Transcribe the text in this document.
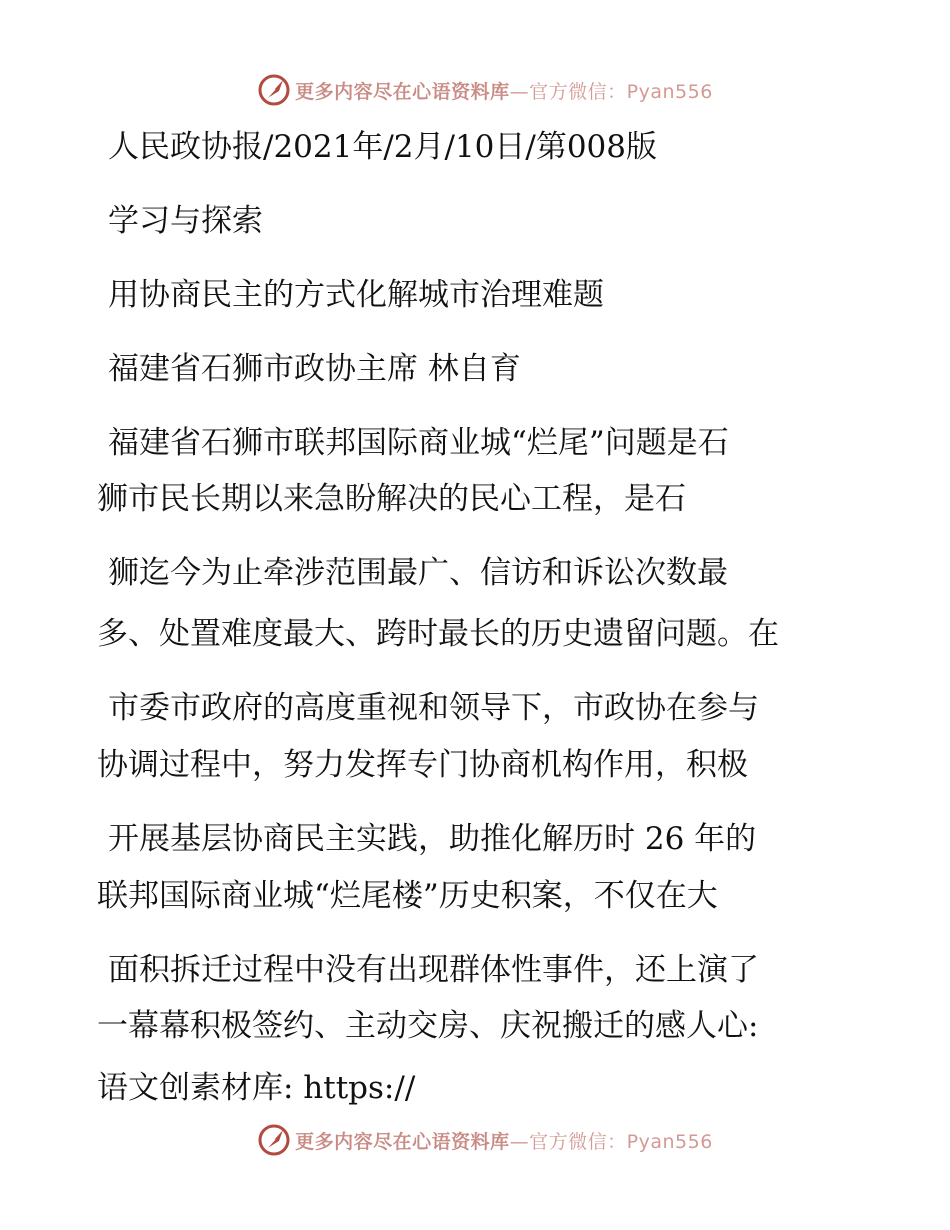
更多内容尽在心语资料库 —官方微信：Pyan556
人民政协报/2021年/2月/10日/第008版
学习与探索
用协商民主的方式化解城市治理难题
福建省石狮市政协主席 林自育
福建省石狮市联邦国际商业城“烂尾”问题是石
狮市民长期以来急盼解决的民心工程，是石
狮迄今为止牵涉范围最广、信访和诉讼次数最
多、处置难度最大、跨时最长的历史遗留问题。在
市委市政府的高度重视和领导下，市政协在参与
协调过程中，努力发挥专门协商机构作用，积极
开展基层协商民主实践，助推化解历时 26 年的
联邦国际商业城“烂尾楼”历史积案，不仅在大
面积拆迁过程中没有出现群体性事件，还上演了
一幕幕积极签约、主动交房、庆祝搬迁的感人心:
语文创素材库: https://
更多内容尽在心语资料库 —官方微信：Pyan556
